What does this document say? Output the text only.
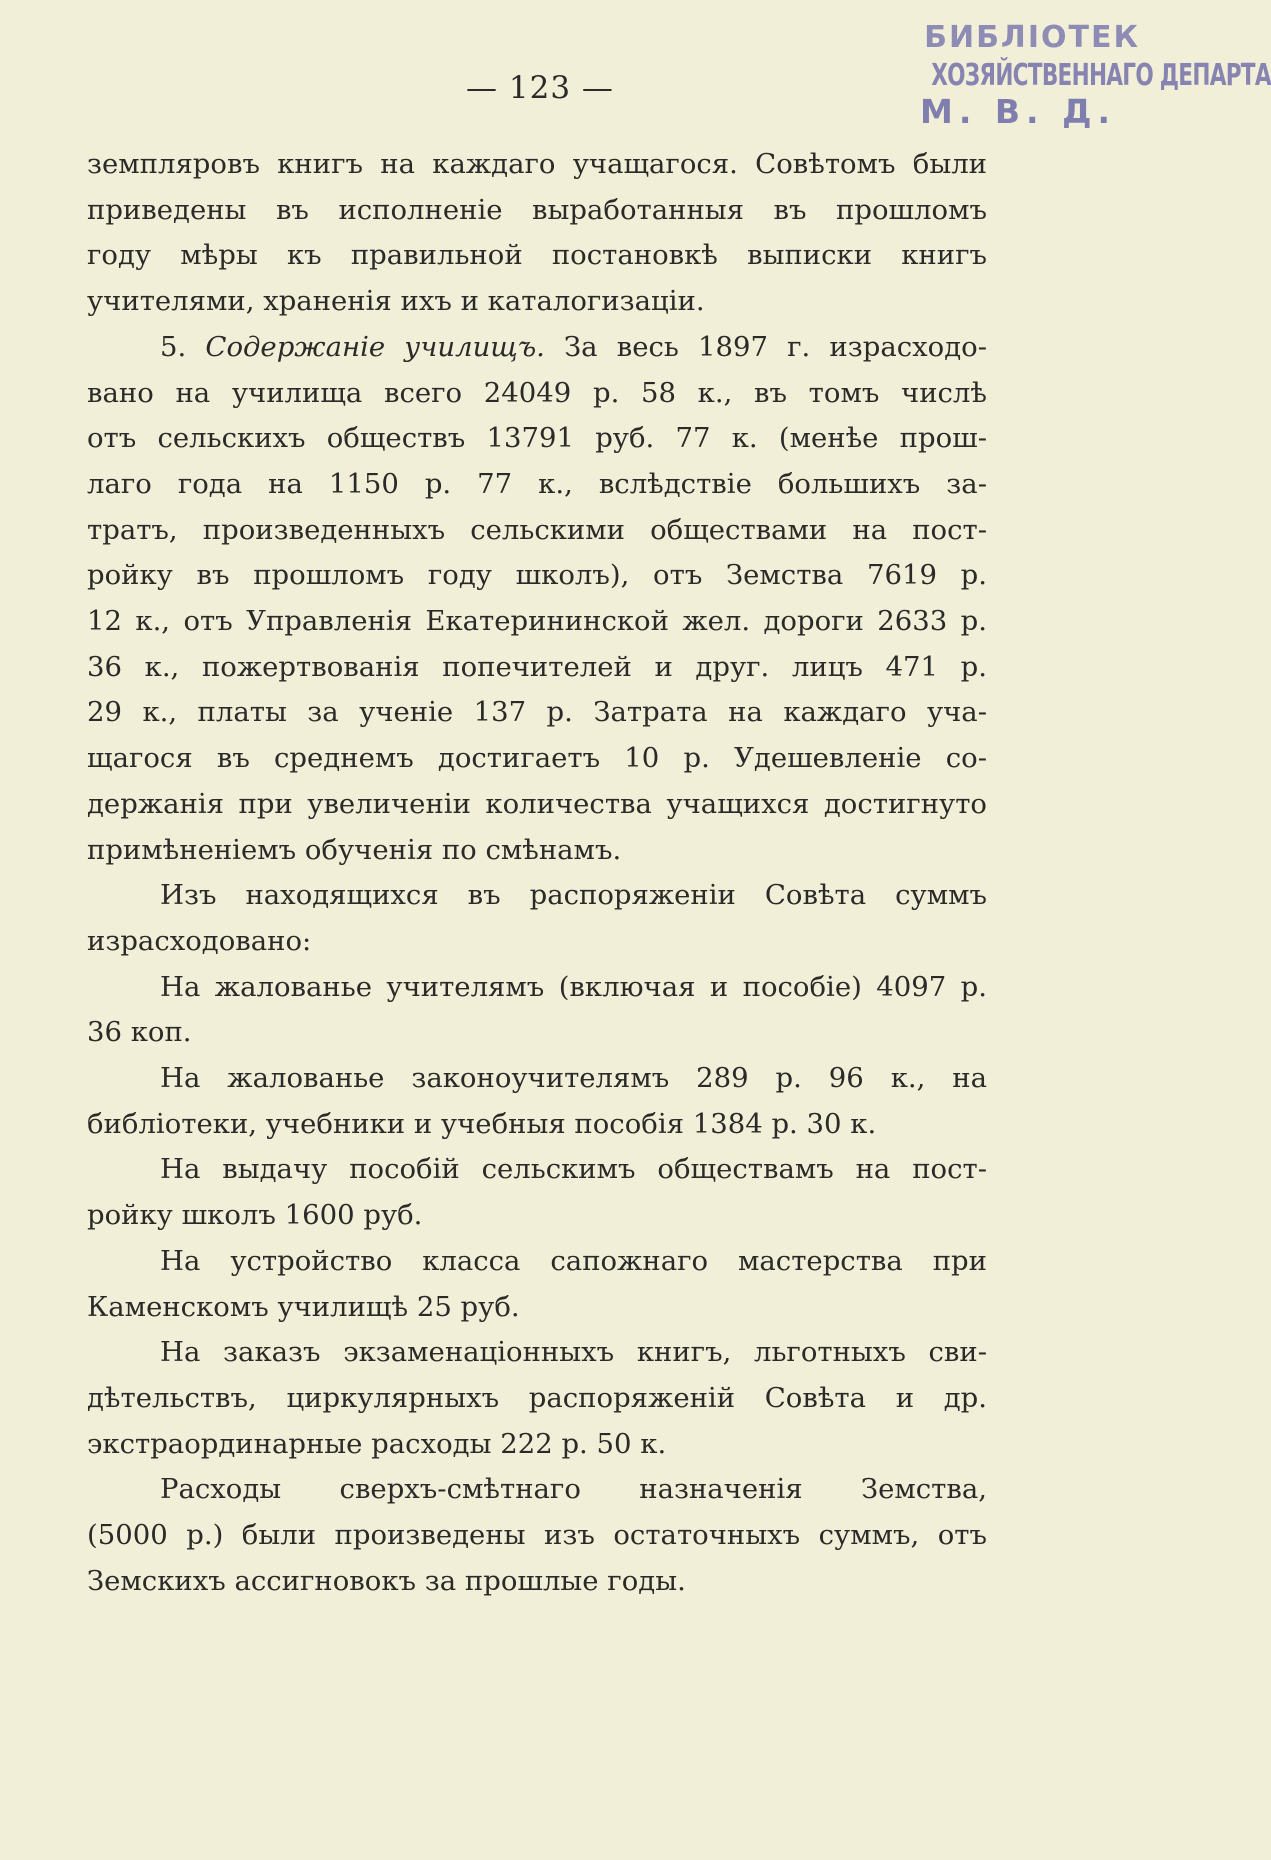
— 123 —
БИБЛІОТЕК
ХОЗЯЙСТВЕННАГО ДЕПАРТА
М. В. Д.
земпляровъ книгъ на каждаго учащагося. Совѣтомъ были
приведены въ исполненіе выработанныя въ прошломъ
году мѣры къ правильной постановкѣ выписки книгъ
учителями, храненія ихъ и каталогизаціи.
5. Содержаніе училищъ. За весь 1897 г. израсходо-
вано на училища всего 24049 р. 58 к., въ томъ числѣ
отъ сельскихъ обществъ 13791 руб. 77 к. (менѣе прош-
лаго года на 1150 р. 77 к., вслѣдствіе большихъ за-
тратъ, произведенныхъ сельскими обществами на пост-
ройку въ прошломъ году школъ), отъ Земства 7619 р.
12 к., отъ Управленія Екатерининской жел. дороги 2633 р.
36 к., пожертвованія попечителей и друг. лицъ 471 р.
29 к., платы за ученіе 137 р. Затрата на каждаго уча-
щагося въ среднемъ достигаетъ 10 р. Удешевленіе со-
держанія при увеличеніи количества учащихся достигнуто
примѣненіемъ обученія по смѣнамъ.
Изъ находящихся въ распоряженіи Совѣта суммъ
израсходовано:
На жалованье учителямъ (включая и пособіе) 4097 р.
36 коп.
На жалованье законоучителямъ 289 р. 96 к., на
библіотеки, учебники и учебныя пособія 1384 р. 30 к.
На выдачу пособій сельскимъ обществамъ на пост-
ройку школъ 1600 руб.
На устройство класса сапожнаго мастерства при
Каменскомъ училищѣ 25 руб.
На заказъ экзаменаціонныхъ книгъ, льготныхъ сви-
дѣтельствъ, циркулярныхъ распоряженій Совѣта и др.
экстраординарные расходы 222 р. 50 к.
Расходы сверхъ-смѣтнаго назначенія Земства,
(5000 р.) были произведены изъ остаточныхъ суммъ, отъ
Земскихъ ассигновокъ за прошлые годы.
